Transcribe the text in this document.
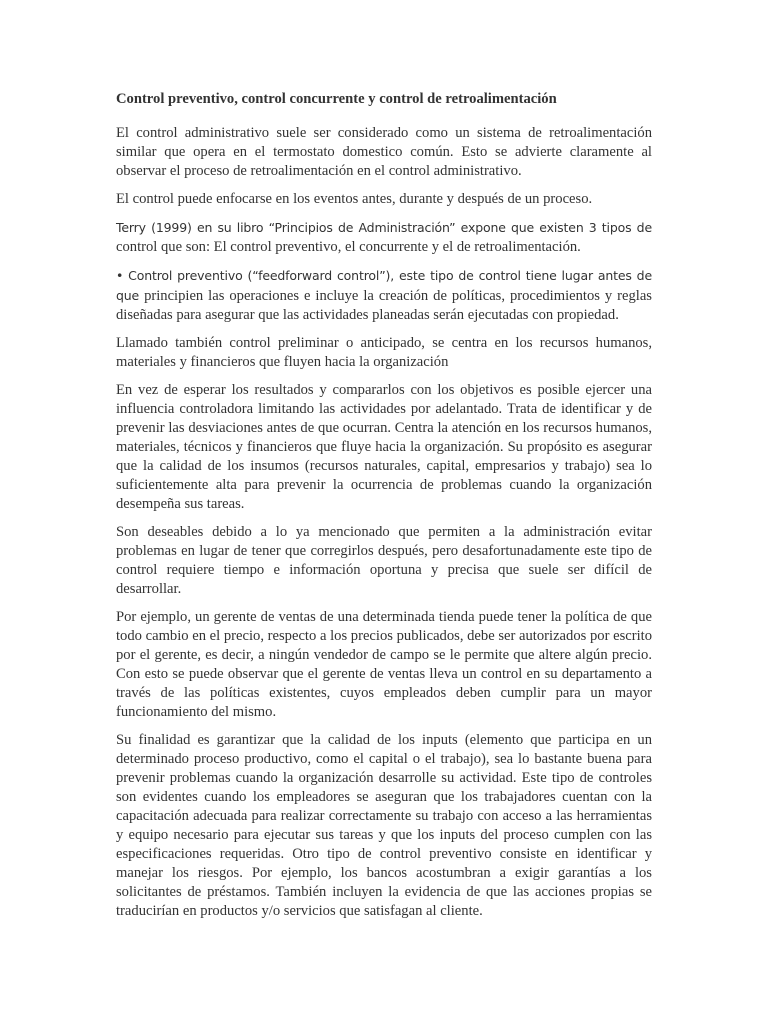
Control preventivo, control concurrente y control de retroalimentación

El control administrativo suele ser considerado como un sistema de retroalimentación similar que opera en el termostato domestico común. Esto se advierte claramente al observar el proceso de retroalimentación en el control administrativo.

El control puede enfocarse en los eventos antes, durante y después de un proceso.

Terry (1999) en su libro “Principios de Administración” expone que existen 3 tipos de control que son: El control preventivo, el concurrente y el de retroalimentación.

• Control preventivo (“feedforward control”), este tipo de control tiene lugar antes de que principien las operaciones e incluye la creación de políticas, procedimientos y reglas diseñadas para asegurar que las actividades planeadas serán ejecutadas con propiedad.

Llamado también control preliminar o anticipado, se centra en los recursos humanos, materiales y financieros que fluyen hacia la organización

En vez de esperar los resultados y compararlos con los objetivos es posible ejercer una influencia controladora limitando las actividades por adelantado. Trata de identificar y de prevenir las desviaciones antes de que ocurran. Centra la atención en los recursos humanos, materiales, técnicos y financieros que fluye hacia la organización. Su propósito es asegurar que la calidad de los insumos (recursos naturales, capital, empresarios y trabajo) sea lo suficientemente alta para prevenir la ocurrencia de problemas cuando la organización desempeña sus tareas.

Son deseables debido a lo ya mencionado que permiten a la administración evitar problemas en lugar de tener que corregirlos después, pero desafortunadamente este tipo de control requiere tiempo e información oportuna y precisa que suele ser difícil de desarrollar.

Por ejemplo, un gerente de ventas de una determinada tienda puede tener la política de que todo cambio en el precio, respecto a los precios publicados, debe ser autorizados por escrito por el gerente, es decir, a ningún vendedor de campo se le permite que altere algún precio. Con esto se puede observar que el gerente de ventas lleva un control en su departamento a través de las políticas existentes, cuyos empleados deben cumplir para un mayor funcionamiento del mismo.

Su finalidad es garantizar que la calidad de los inputs (elemento que participa en un determinado proceso productivo, como el capital o el trabajo), sea lo bastante buena para prevenir problemas cuando la organización desarrolle su actividad. Este tipo de controles son evidentes cuando los empleadores se aseguran que los trabajadores cuentan con la capacitación adecuada para realizar correctamente su trabajo con acceso a las herramientas y equipo necesario para ejecutar sus tareas y que los inputs del proceso cumplen con las especificaciones requeridas. Otro tipo de control preventivo consiste en identificar y manejar los riesgos. Por ejemplo, los bancos acostumbran a exigir garantías a los solicitantes de préstamos. También incluyen la evidencia de que las acciones propias se traducirían en productos y/o servicios que satisfagan al cliente.
